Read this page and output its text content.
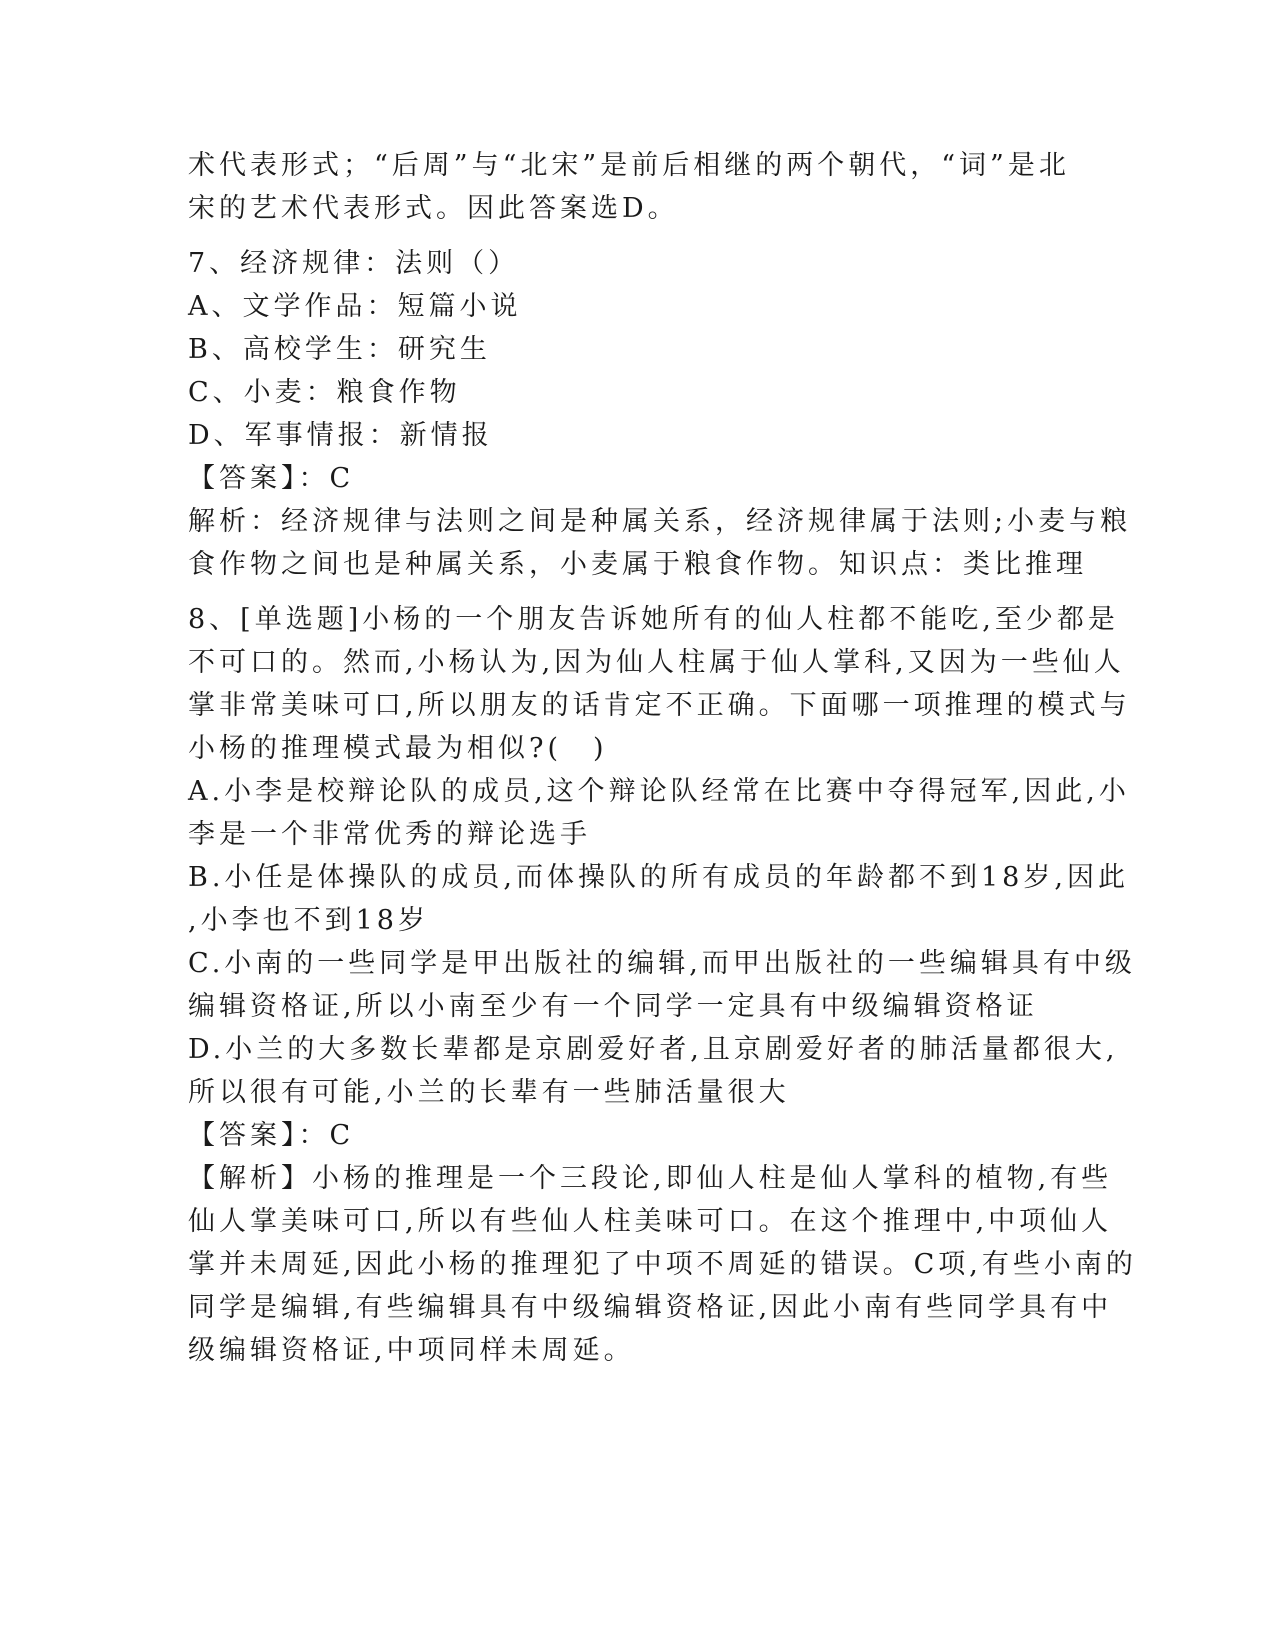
术代表形式；“后周”与“北宋”是前后相继的两个朝代，“词”是北
宋的艺术代表形式。因此答案选D。
7、经济规律：法则（）
A、文学作品：短篇小说
B、高校学生：研究生
C、小麦：粮食作物
D、军事情报：新情报
【答案】：C
解析：经济规律与法则之间是种属关系，经济规律属于法则;小麦与粮
食作物之间也是种属关系，小麦属于粮食作物。知识点：类比推理
8、[单选题]小杨的一个朋友告诉她所有的仙人柱都不能吃,至少都是
不可口的。然而,小杨认为,因为仙人柱属于仙人掌科,又因为一些仙人
掌非常美味可口,所以朋友的话肯定不正确。下面哪一项推理的模式与
小杨的推理模式最为相似?(　)
A.小李是校辩论队的成员,这个辩论队经常在比赛中夺得冠军,因此,小
李是一个非常优秀的辩论选手
B.小任是体操队的成员,而体操队的所有成员的年龄都不到18岁,因此
,小李也不到18岁
C.小南的一些同学是甲出版社的编辑,而甲出版社的一些编辑具有中级
编辑资格证,所以小南至少有一个同学一定具有中级编辑资格证
D.小兰的大多数长辈都是京剧爱好者,且京剧爱好者的肺活量都很大,
所以很有可能,小兰的长辈有一些肺活量很大
【答案】：C
【解析】小杨的推理是一个三段论,即仙人柱是仙人掌科的植物,有些
仙人掌美味可口,所以有些仙人柱美味可口。在这个推理中,中项仙人
掌并未周延,因此小杨的推理犯了中项不周延的错误。C项,有些小南的
同学是编辑,有些编辑具有中级编辑资格证,因此小南有些同学具有中
级编辑资格证,中项同样未周延。
